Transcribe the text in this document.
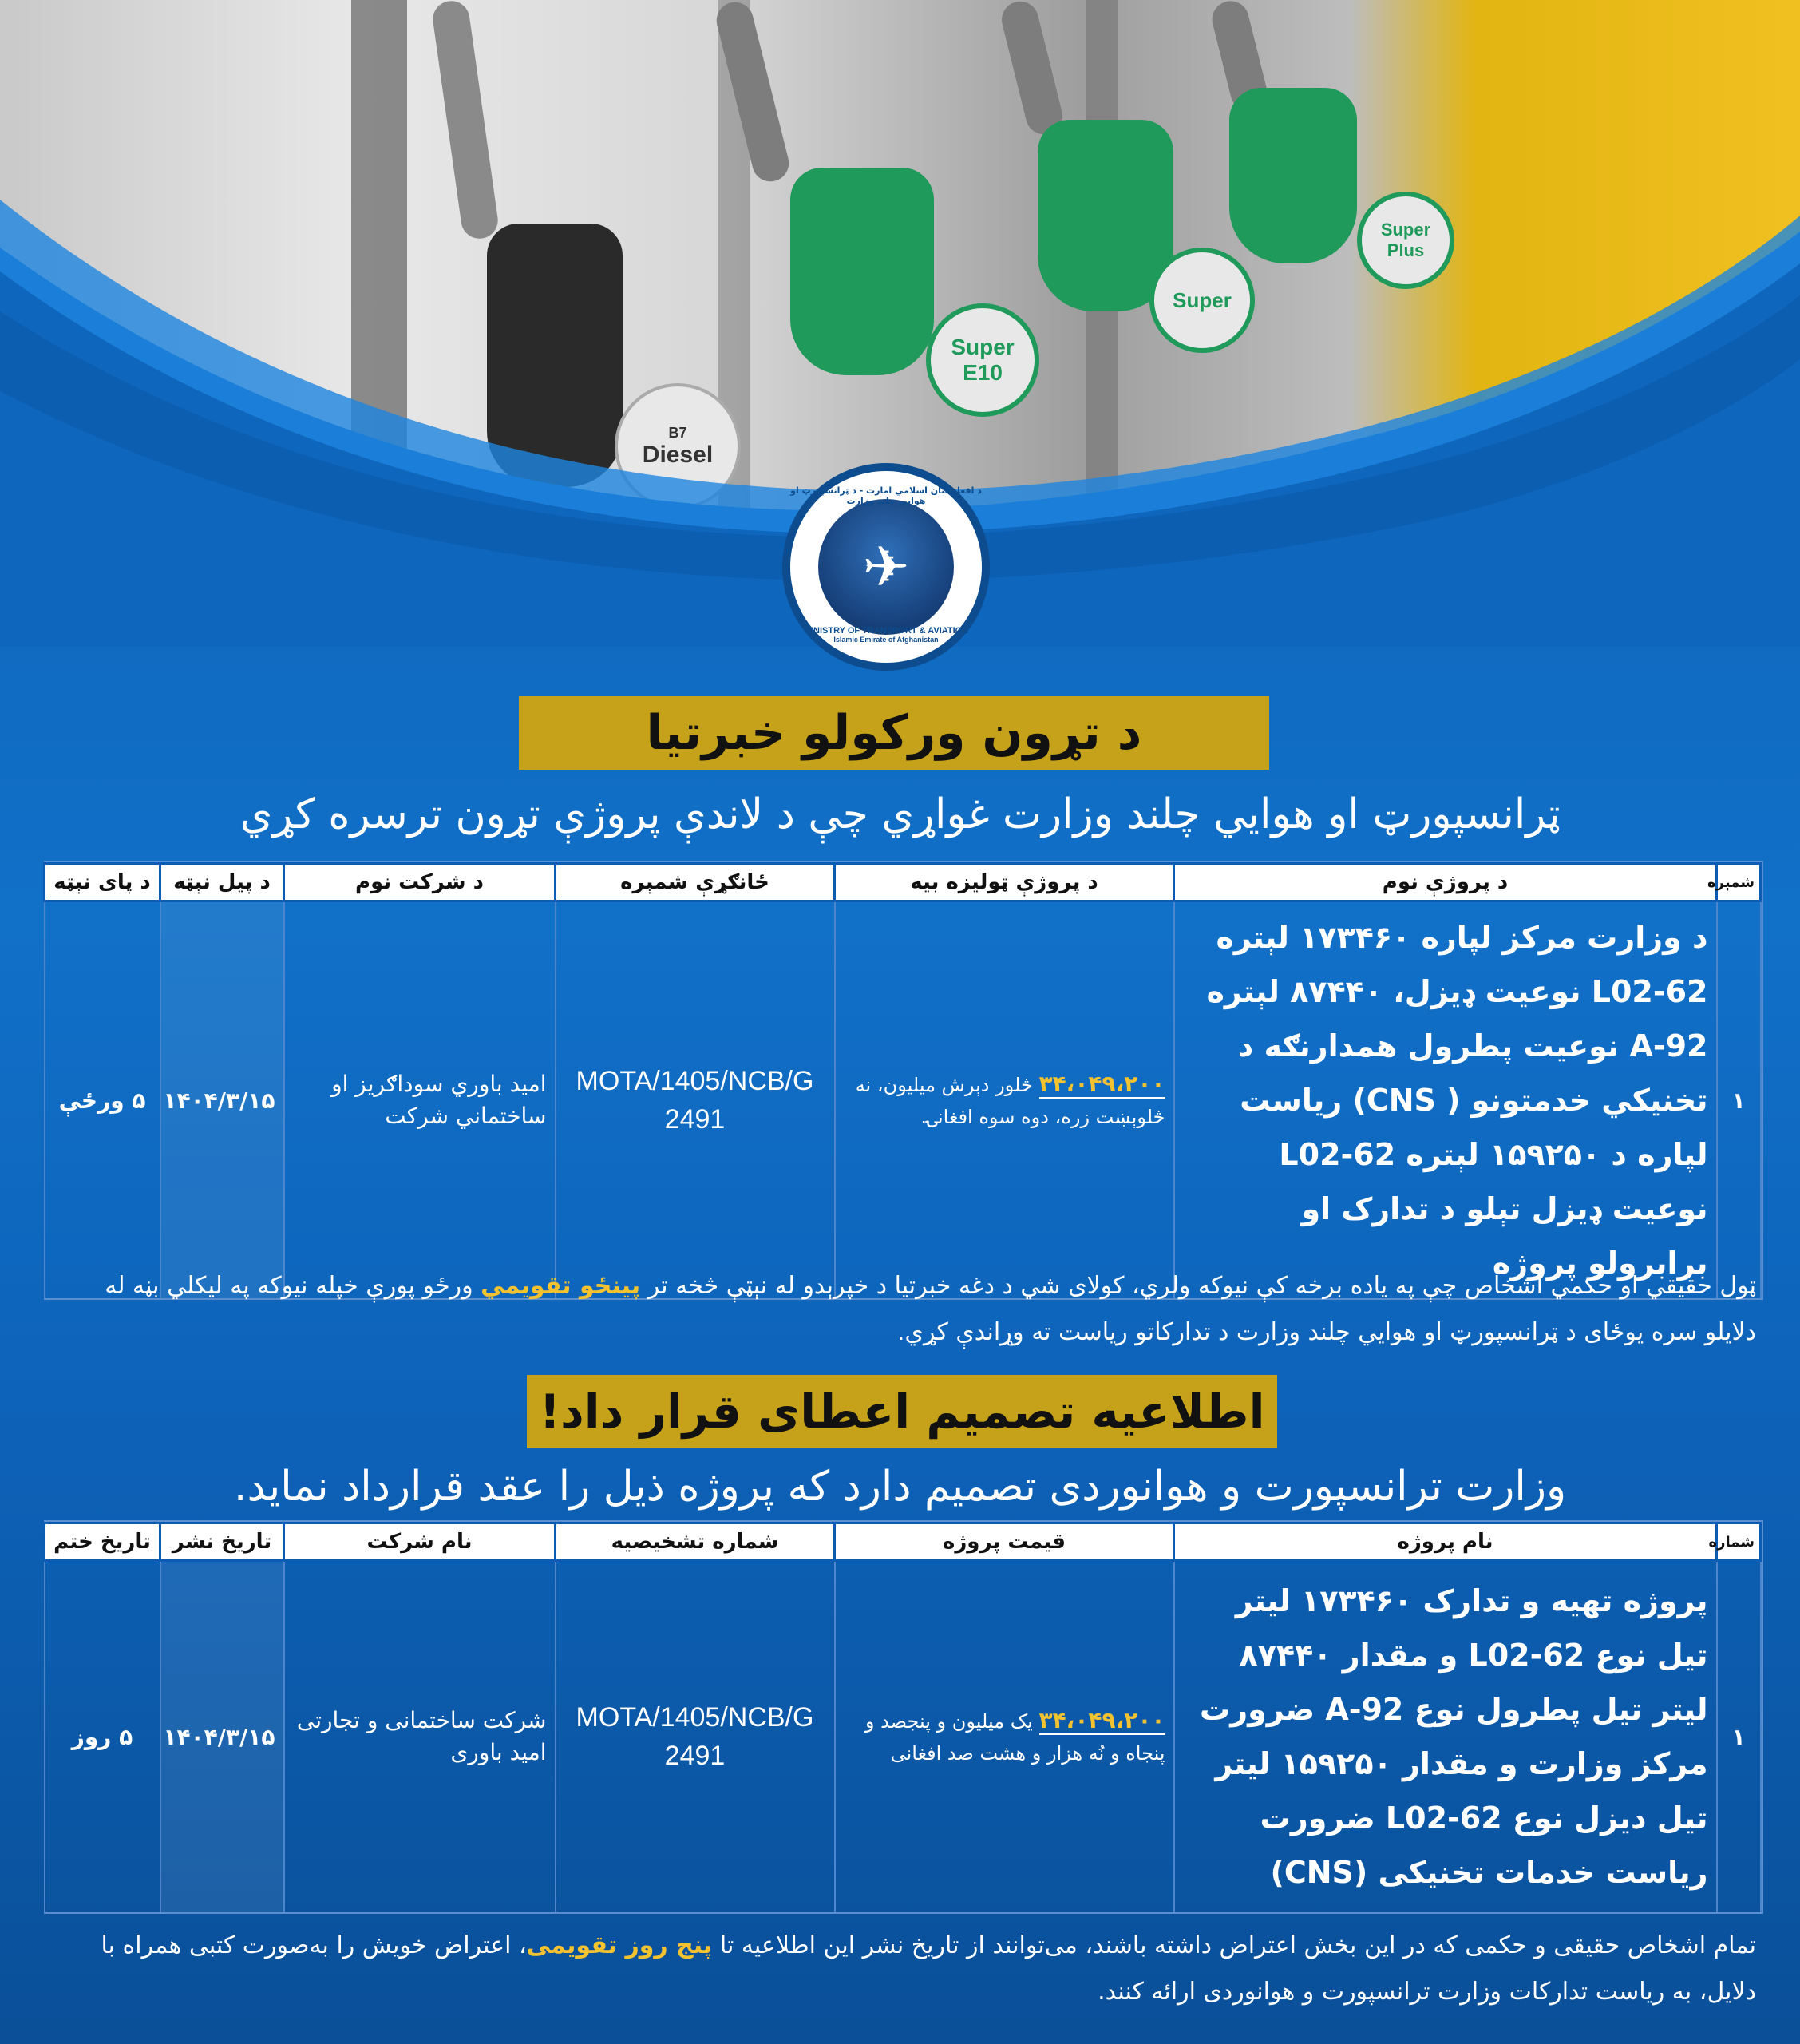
B7
Diesel
Super E10
Super
Super Plus
د افغانستان اسلامي امارت - د ټرانسپورټ او هوايي چلند وزارت
✈
MINISTRY OF TRANSPORT & AVIATION
Islamic Emirate of Afghanistan
د تړون ورکولو خبرتیا
ټرانسپورټ او هوايي چلند وزارت غواړي چې د لاندې پروژې تړون ترسره کړي
شمېره	د پروژې نوم	د پروژې ټولیزه بیه	ځانګړې شمېره	د شرکت نوم	د پیل نېټه	د پای نېټه
۱	د وزارت مرکز لپاره ۱۷۳۴۶۰ لېتره L02-62 نوعیت ډیزل، ۸۷۴۴۰ لېتره A-92 نوعیت پطرول همدارنګه د تخنیکي خدمتونو ( CNS) ریاست لپاره د ۱۵۹۲۵۰ لېتره L02-62 نوعیت ډیزل تېلو د تدارک او برابرولو پروژه	۳۴،۰۴۹،۲۰۰ څلور دېرش میلیون، نه څلوېښت زره، دوه سوه افغانۍ.	MOTA/1405/NCB/G 2491	امید باوري سوداګریز او ساختماني شرکت	۱۴۰۴/۳/۱۵	۵ ورځې
ټول حقیقي او حکمي اشخاص چې په یاده برخه کې نیوکه ولري، کولای شي د دغه خبرتیا د خپرېدو له نېټې څخه تر پینځو تقویمي ورځو پورې خپله نیوکه په لیکلي بڼه له دلایلو سره یوځای د ټرانسپورټ او هوايي چلند وزارت د تدارکاتو ریاست ته وړاندې کړي.
اطلاعیه تصمیم اعطای قرار داد!
وزارت ترانسپورت و هوانوردی تصمیم دارد که پروژه ذیل را عقد قرارداد نماید.
شماره	نام پروژه	قیمت پروژه	شماره تشخیصیه	نام شرکت	تاریخ نشر	تاریخ ختم
۱	پروژه تهیه و تدارک ۱۷۳۴۶۰ لیتر تیل نوع L02-62 و مقدار ۸۷۴۴۰ لیتر تیل پطرول نوع A-92 ضرورت مرکز وزارت و مقدار ۱۵۹۲۵۰ لیتر تیل دیزل نوع L02-62 ضرورت ریاست خدمات تخنیکی (CNS)	۳۴،۰۴۹،۲۰۰ یک میلیون و پنجصد و پنجاه و نُه هزار و هشت صد افغانی	MOTA/1405/NCB/G 2491	شرکت ساختمانی و تجارتی امید باوری	۱۴۰۴/۳/۱۵	۵ روز
تمام اشخاص حقیقی و حکمی که در این بخش اعتراض داشته باشند، می‌توانند از تاریخ نشر این اطلاعیه تا پنج روز تقویمی، اعتراض خویش را به‌صورت کتبی همراه با دلایل، به ریاست تدارکات وزارت ترانسپورت و هوانوردی ارائه کنند.
